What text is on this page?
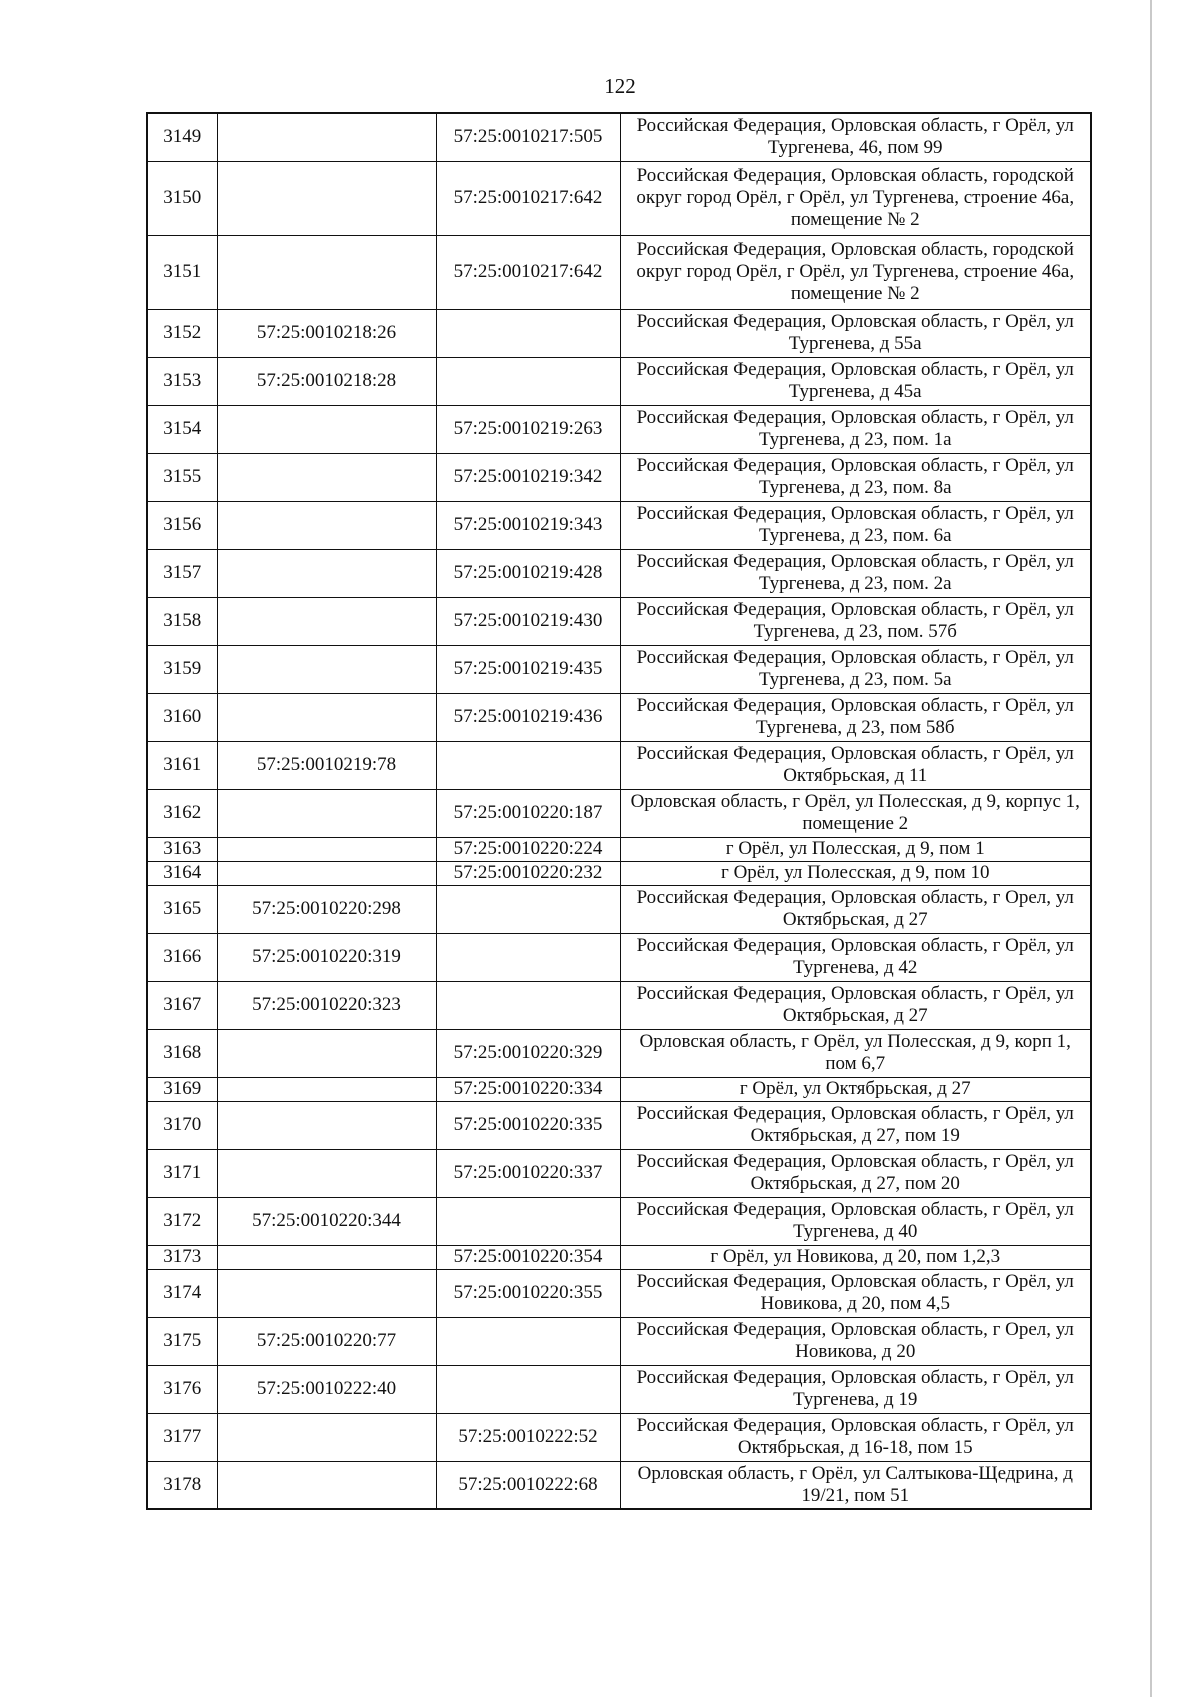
122
3149		57:25:0010217:505	Российская Федерация, Орловская область, г Орёл, ул Тургенева, 46, пом 99
3150		57:25:0010217:642	Российская Федерация, Орловская область, городской округ город Орёл, г Орёл, ул Тургенева, строение 46а, помещение № 2
3151		57:25:0010217:642	Российская Федерация, Орловская область, городской округ город Орёл, г Орёл, ул Тургенева, строение 46а, помещение № 2
3152	57:25:0010218:26		Российская Федерация, Орловская область, г Орёл, ул Тургенева, д 55а
3153	57:25:0010218:28		Российская Федерация, Орловская область, г Орёл, ул Тургенева, д 45а
3154		57:25:0010219:263	Российская Федерация, Орловская область, г Орёл, ул Тургенева, д 23, пом. 1а
3155		57:25:0010219:342	Российская Федерация, Орловская область, г Орёл, ул Тургенева, д 23, пом. 8а
3156		57:25:0010219:343	Российская Федерация, Орловская область, г Орёл, ул Тургенева, д 23, пом. 6а
3157		57:25:0010219:428	Российская Федерация, Орловская область, г Орёл, ул Тургенева, д 23, пом. 2а
3158		57:25:0010219:430	Российская Федерация, Орловская область, г Орёл, ул Тургенева, д 23, пом. 57б
3159		57:25:0010219:435	Российская Федерация, Орловская область, г Орёл, ул Тургенева, д 23, пом. 5а
3160		57:25:0010219:436	Российская Федерация, Орловская область, г Орёл, ул Тургенева, д 23, пом 58б
3161	57:25:0010219:78		Российская Федерация, Орловская область, г Орёл, ул Октябрьская, д 11
3162		57:25:0010220:187	Орловская область, г Орёл, ул Полесская, д 9, корпус 1, помещение 2
3163		57:25:0010220:224	г Орёл, ул Полесская, д 9, пом 1
3164		57:25:0010220:232	г Орёл, ул Полесская, д 9, пом 10
3165	57:25:0010220:298		Российская Федерация, Орловская область, г Орел, ул Октябрьская, д 27
3166	57:25:0010220:319		Российская Федерация, Орловская область, г Орёл, ул Тургенева, д 42
3167	57:25:0010220:323		Российская Федерация, Орловская область, г Орёл, ул Октябрьская, д 27
3168		57:25:0010220:329	Орловская область, г Орёл, ул Полесская, д 9, корп 1, пом 6,7
3169		57:25:0010220:334	г Орёл, ул Октябрьская, д 27
3170		57:25:0010220:335	Российская Федерация, Орловская область, г Орёл, ул Октябрьская, д 27, пом 19
3171		57:25:0010220:337	Российская Федерация, Орловская область, г Орёл, ул Октябрьская, д 27, пом 20
3172	57:25:0010220:344		Российская Федерация, Орловская область, г Орёл, ул Тургенева, д 40
3173		57:25:0010220:354	г Орёл, ул Новикова, д 20, пом 1,2,3
3174		57:25:0010220:355	Российская Федерация, Орловская область, г Орёл, ул Новикова, д 20, пом 4,5
3175	57:25:0010220:77		Российская Федерация, Орловская область, г Орел, ул Новикова, д 20
3176	57:25:0010222:40		Российская Федерация, Орловская область, г Орёл, ул Тургенева, д 19
3177		57:25:0010222:52	Российская Федерация, Орловская область, г Орёл, ул Октябрьская, д 16-18, пом 15
3178		57:25:0010222:68	Орловская область, г Орёл, ул Салтыкова-Щедрина, д 19/21, пом 51
